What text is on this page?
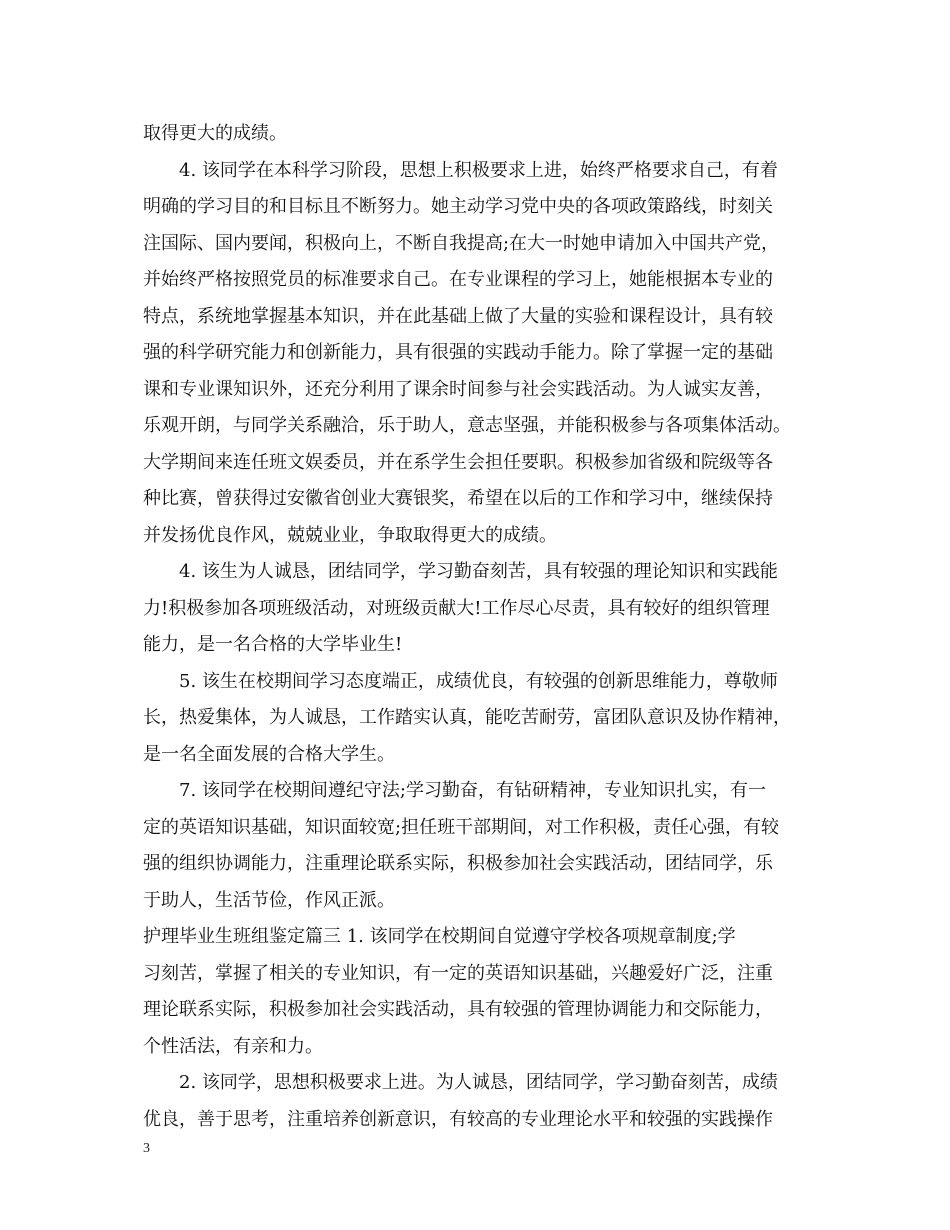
取得更大的成绩。
4. 该同学在本科学习阶段，思想上积极要求上进，始终严格要求自己，有着
明确的学习目的和目标且不断努力。她主动学习党中央的各项政策路线，时刻关
注国际、国内要闻，积极向上，不断自我提高;在大一时她申请加入中国共产党，
并始终严格按照党员的标准要求自己。在专业课程的学习上，她能根据本专业的
特点，系统地掌握基本知识，并在此基础上做了大量的实验和课程设计，具有较
强的科学研究能力和创新能力，具有很强的实践动手能力。除了掌握一定的基础
课和专业课知识外，还充分利用了课余时间参与社会实践活动。为人诚实友善，
乐观开朗，与同学关系融洽，乐于助人，意志坚强，并能积极参与各项集体活动。
大学期间来连任班文娱委员，并在系学生会担任要职。积极参加省级和院级等各
种比赛，曾获得过安徽省创业大赛银奖，希望在以后的工作和学习中，继续保持
并发扬优良作风，兢兢业业，争取取得更大的成绩。
4. 该生为人诚恳，团结同学，学习勤奋刻苦，具有较强的理论知识和实践能
力!积极参加各项班级活动，对班级贡献大!工作尽心尽责，具有较好的组织管理
能力，是一名合格的大学毕业生!
5. 该生在校期间学习态度端正，成绩优良，有较强的创新思维能力，尊敬师
长，热爱集体，为人诚恳，工作踏实认真，能吃苦耐劳，富团队意识及协作精神，
是一名全面发展的合格大学生。
7. 该同学在校期间遵纪守法;学习勤奋，有钻研精神，专业知识扎实，有一
定的英语知识基础，知识面较宽;担任班干部期间，对工作积极，责任心强，有较
强的组织协调能力，注重理论联系实际，积极参加社会实践活动，团结同学，乐
于助人，生活节俭，作风正派。
护理毕业生班组鉴定篇三 1. 该同学在校期间自觉遵守学校各项规章制度;学
习刻苦，掌握了相关的专业知识，有一定的英语知识基础，兴趣爱好广泛，注重
理论联系实际，积极参加社会实践活动，具有较强的管理协调能力和交际能力，
个性活法，有亲和力。
2. 该同学，思想积极要求上进。为人诚恳，团结同学，学习勤奋刻苦，成绩
优良，善于思考，注重培养创新意识，有较高的专业理论水平和较强的实践操作
3
